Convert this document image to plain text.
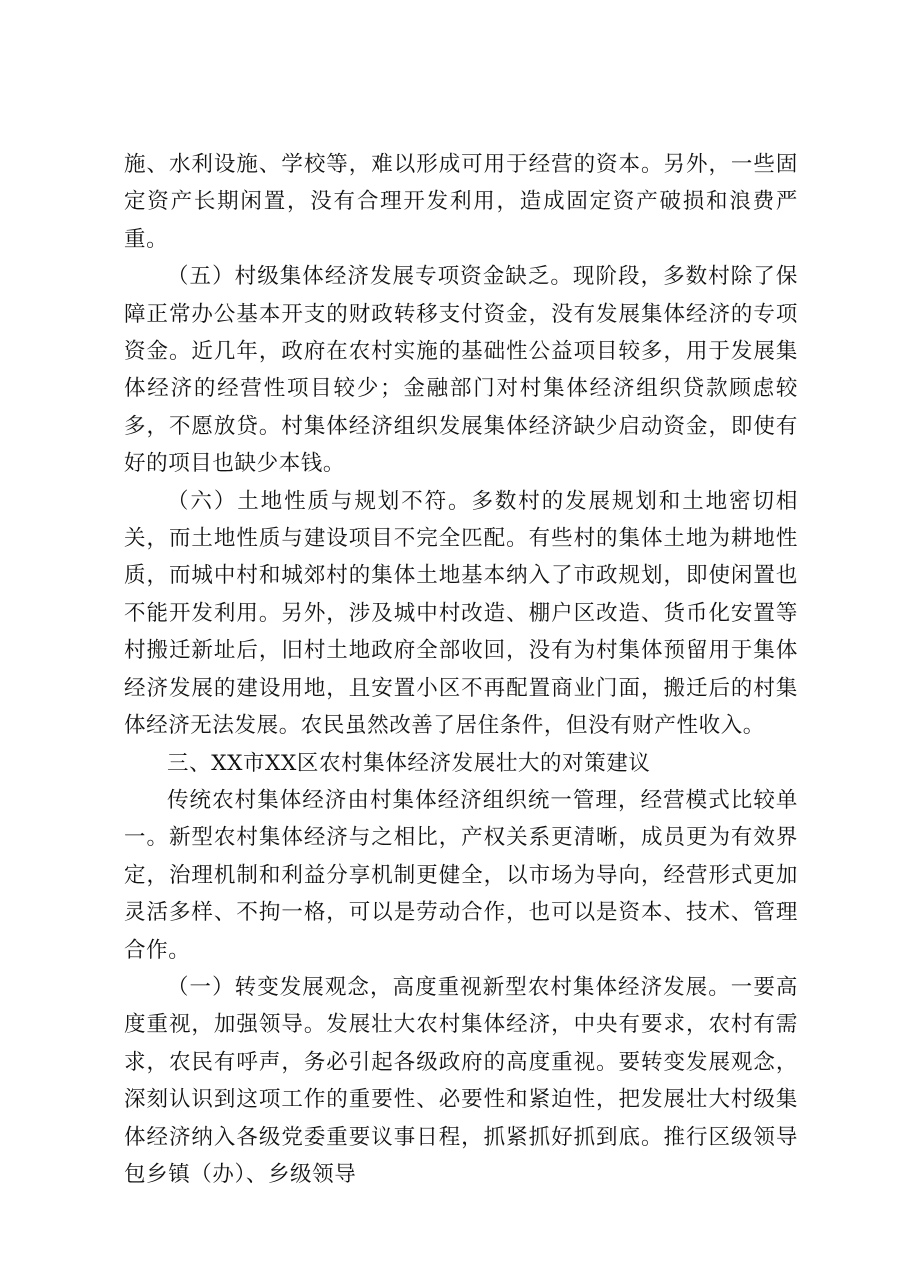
施、水利设施、学校等，难以形成可用于经营的资本。另外，一些固定资产长期闲置，没有合理开发利用，造成固定资产破损和浪费严重。

（五）村级集体经济发展专项资金缺乏。现阶段，多数村除了保障正常办公基本开支的财政转移支付资金，没有发展集体经济的专项资金。近几年，政府在农村实施的基础性公益项目较多，用于发展集体经济的经营性项目较少；金融部门对村集体经济组织贷款顾虑较多，不愿放贷。村集体经济组织发展集体经济缺少启动资金，即使有好的项目也缺少本钱。

（六）土地性质与规划不符。多数村的发展规划和土地密切相关，而土地性质与建设项目不完全匹配。有些村的集体土地为耕地性质，而城中村和城郊村的集体土地基本纳入了市政规划，即使闲置也不能开发利用。另外，涉及城中村改造、棚户区改造、货币化安置等村搬迁新址后，旧村土地政府全部收回，没有为村集体预留用于集体经济发展的建设用地，且安置小区不再配置商业门面，搬迁后的村集体经济无法发展。农民虽然改善了居住条件，但没有财产性收入。

三、XX市XX区农村集体经济发展壮大的对策建议

传统农村集体经济由村集体经济组织统一管理，经营模式比较单一。新型农村集体经济与之相比，产权关系更清晰，成员更为有效界定，治理机制和利益分享机制更健全，以市场为导向，经营形式更加灵活多样、不拘一格，可以是劳动合作，也可以是资本、技术、管理合作。

（一）转变发展观念，高度重视新型农村集体经济发展。一要高度重视，加强领导。发展壮大农村集体经济，中央有要求，农村有需求，农民有呼声，务必引起各级政府的高度重视。要转变发展观念，深刻认识到这项工作的重要性、必要性和紧迫性，把发展壮大村级集体经济纳入各级党委重要议事日程，抓紧抓好抓到底。推行区级领导包乡镇（办）、乡级领导
